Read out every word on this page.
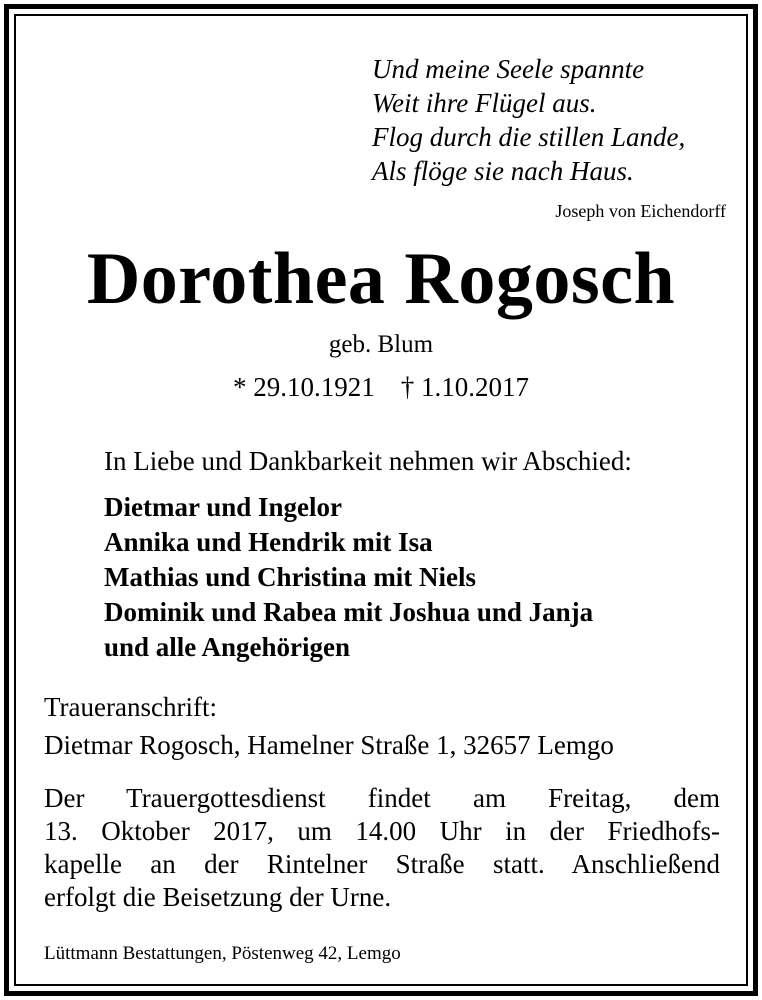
Und meine Seele spannte
Weit ihre Flügel aus.
Flog durch die stillen Lande,
Als flöge sie nach Haus.
Joseph von Eichendorff
Dorothea Rogosch
geb. Blum
* 29.10.1921 † 1.10.2017
In Liebe und Dankbarkeit nehmen wir Abschied:
Dietmar und Ingelor
Annika und Hendrik mit Isa
Mathias und Christina mit Niels
Dominik und Rabea mit Joshua und Janja
und alle Angehörigen
Traueranschrift:
Dietmar Rogosch, Hamelner Straße 1, 32657 Lemgo
Der Trauergottesdienst findet am Freitag, dem
13. Oktober 2017, um 14.00 Uhr in der Friedhofs-
kapelle an der Rintelner Straße statt. Anschließend
erfolgt die Beisetzung der Urne.
Lüttmann Bestattungen, Pöstenweg 42, Lemgo
